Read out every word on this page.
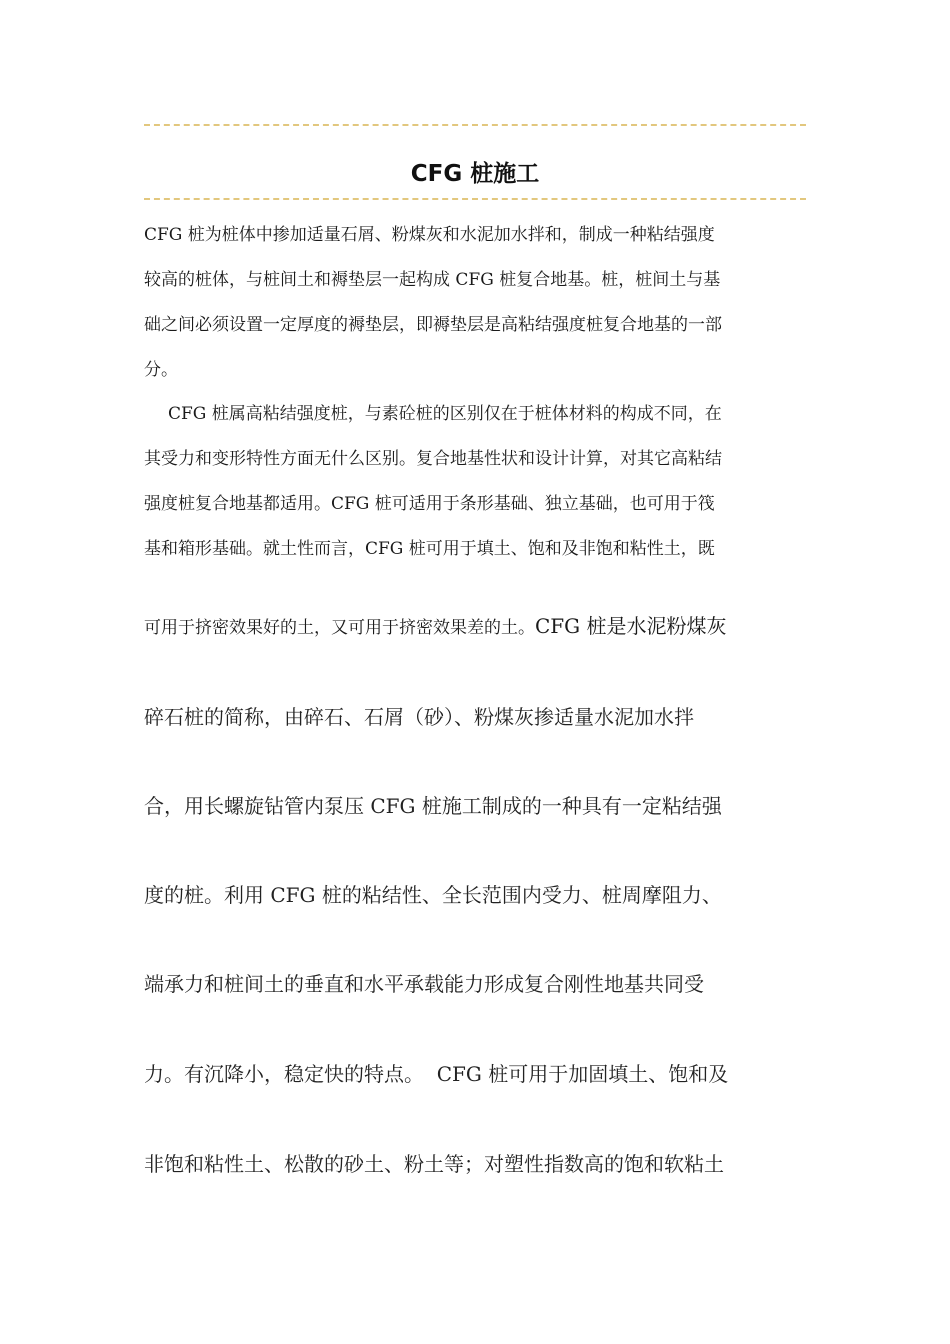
CFG 桩施工
CFG 桩为桩体中掺加适量石屑、粉煤灰和水泥加水拌和，制成一种粘结强度
较高的桩体，与桩间土和褥垫层一起构成 CFG 桩复合地基。桩，桩间土与基
础之间必须设置一定厚度的褥垫层，即褥垫层是高粘结强度桩复合地基的一部
分。
CFG 桩属高粘结强度桩，与素砼桩的区别仅在于桩体材料的构成不同，在
其受力和变形特性方面无什么区别。复合地基性状和设计计算，对其它高粘结
强度桩复合地基都适用。CFG 桩可适用于条形基础、独立基础，也可用于筏
基和箱形基础。就土性而言，CFG 桩可用于填土、饱和及非饱和粘性土，既
可用于挤密效果好的土，又可用于挤密效果差的土。CFG 桩是水泥粉煤灰
碎石桩的简称，由碎石、石屑（砂）、粉煤灰掺适量水泥加水拌
合，用长螺旋钻管内泵压 CFG 桩施工制成的一种具有一定粘结强
度的桩。利用 CFG 桩的粘结性、全长范围内受力、桩周摩阻力、
端承力和桩间土的垂直和水平承载能力形成复合刚性地基共同受
力。有沉降小，稳定快的特点。  CFG 桩可用于加固填土、饱和及
非饱和粘性土、松散的砂土、粉土等；对塑性指数高的饱和软粘土
